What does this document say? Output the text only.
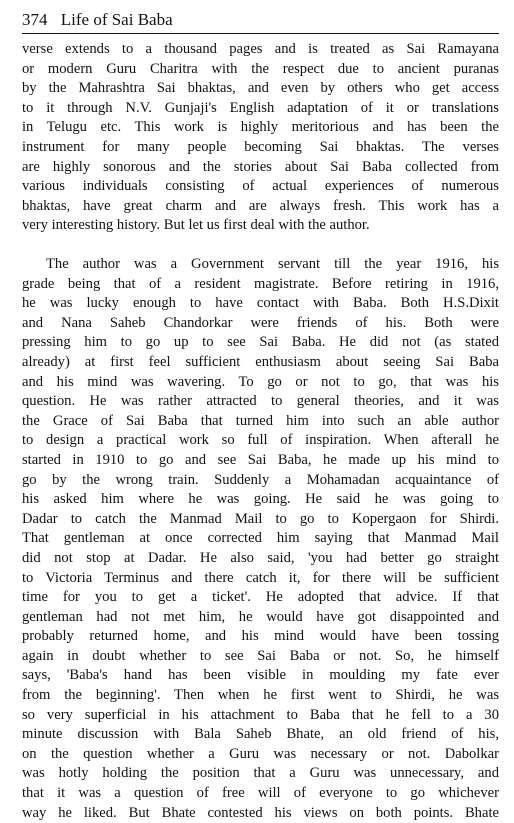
374 Life of Sai Baba
verse extends to a thousand pages and is treated as Sai Ramayana
or modern Guru Charitra with the respect due to ancient puranas
by the Mahrashtra Sai bhaktas, and even by others who get access
to it through N.V. Gunjaji's English adaptation of it or translations
in Telugu etc. This work is highly meritorious and has been the
instrument for many people becoming Sai bhaktas. The verses
are highly sonorous and the stories about Sai Baba collected from
various individuals consisting of actual experiences of numerous
bhaktas, have great charm and are always fresh. This work has a
very interesting history. But let us first deal with the author.
The author was a Government servant till the year 1916, his
grade being that of a resident magistrate. Before retiring in 1916,
he was lucky enough to have contact with Baba. Both H.S.Dixit
and Nana Saheb Chandorkar were friends of his. Both were
pressing him to go up to see Sai Baba. He did not (as stated
already) at first feel sufficient enthusiasm about seeing Sai Baba
and his mind was wavering. To go or not to go, that was his
question. He was rather attracted to general theories, and it was
the Grace of Sai Baba that turned him into such an able author
to design a practical work so full of inspiration. When afterall he
started in 1910 to go and see Sai Baba, he made up his mind to
go by the wrong train. Suddenly a Mohamadan acquaintance of
his asked him where he was going. He said he was going to
Dadar to catch the Manmad Mail to go to Kopergaon for Shirdi.
That gentleman at once corrected him saying that Manmad Mail
did not stop at Dadar. He also said, 'you had better go straight
to Victoria Terminus and there catch it, for there will be sufficient
time for you to get a ticket'. He adopted that advice. If that
gentleman had not met him, he would have got disappointed and
probably returned home, and his mind would have been tossing
again in doubt whether to see Sai Baba or not. So, he himself
says, 'Baba's hand has been visible in moulding my fate ever
from the beginning'. Then when he first went to Shirdi, he was
so very superficial in his attachment to Baba that he fell to a 30
minute discussion with Bala Saheb Bhate, an old friend of his,
on the question whether a Guru was necessary or not. Dabolkar
was hotly holding the position that a Guru was unnecessary, and
that it was a question of free will of everyone to go whichever
way he liked. But Bhate contested his views on both points. Bhate
